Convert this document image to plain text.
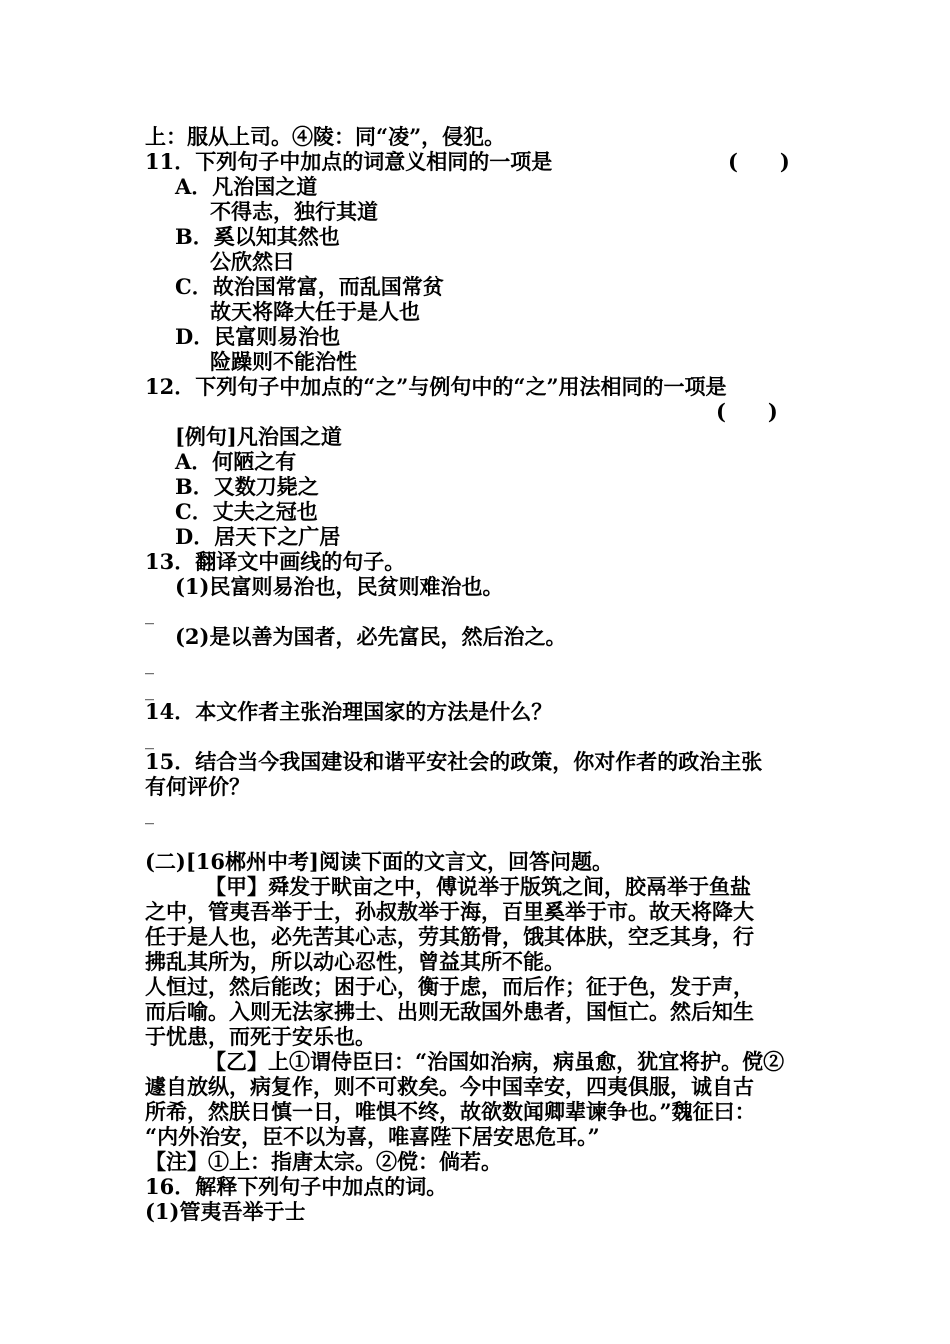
上：服从上司。④陵：同“凌”，侵犯。
11．下列句子中加点的词意义相同的一项是	(　　)
A．凡治国之道
不得志，独行其道
B．奚以知其然也
公欣然曰
C．故治国常富，而乱国常贫
故天将降大任于是人也
D．民富则易治也
险躁则不能治性
12．下列句子中加点的“之”与例句中的“之”用法相同的一项是
(　　)
[例句]凡治国之道
A．何陋之有
B．又数刀毙之
C．丈夫之冠也
D．居天下之广居
13．翻译文中画线的句子。
(1)民富则易治也，民贫则难治也。
_
(2)是以善为国者，必先富民，然后治之。
_
_
14．本文作者主张治理国家的方法是什么？
_
15．结合当今我国建设和谐平安社会的政策，你对作者的政治主张
有何评价？
_
(二)[16郴州中考]阅读下面的文言文，回答问题。
【甲】舜发于畎亩之中，傅说举于版筑之间，胶鬲举于鱼盐
之中，管夷吾举于士，孙叔敖举于海，百里奚举于市。故天将降大
任于是人也，必先苦其心志，劳其筋骨，饿其体肤，空乏其身，行
拂乱其所为，所以动心忍性，曾益其所不能。
人恒过，然后能改；困于心，衡于虑，而后作；征于色，发于声，
而后喻。入则无法家拂士、出则无敌国外患者，国恒亡。然后知生
于忧患，而死于安乐也。
【乙】上①谓侍臣曰：“治国如治病，病虽愈，犹宜将护。傥②
遽自放纵，病复作，则不可救矣。今中国幸安，四夷俱服，诚自古
所希，然朕日慎一日，唯惧不终，故欲数闻卿辈谏争也。”魏征曰：
“内外治安，臣不以为喜，唯喜陛下居安思危耳。”
【注】①上：指唐太宗。②傥：倘若。
16．解释下列句子中加点的词。
(1)管夷吾举于士
